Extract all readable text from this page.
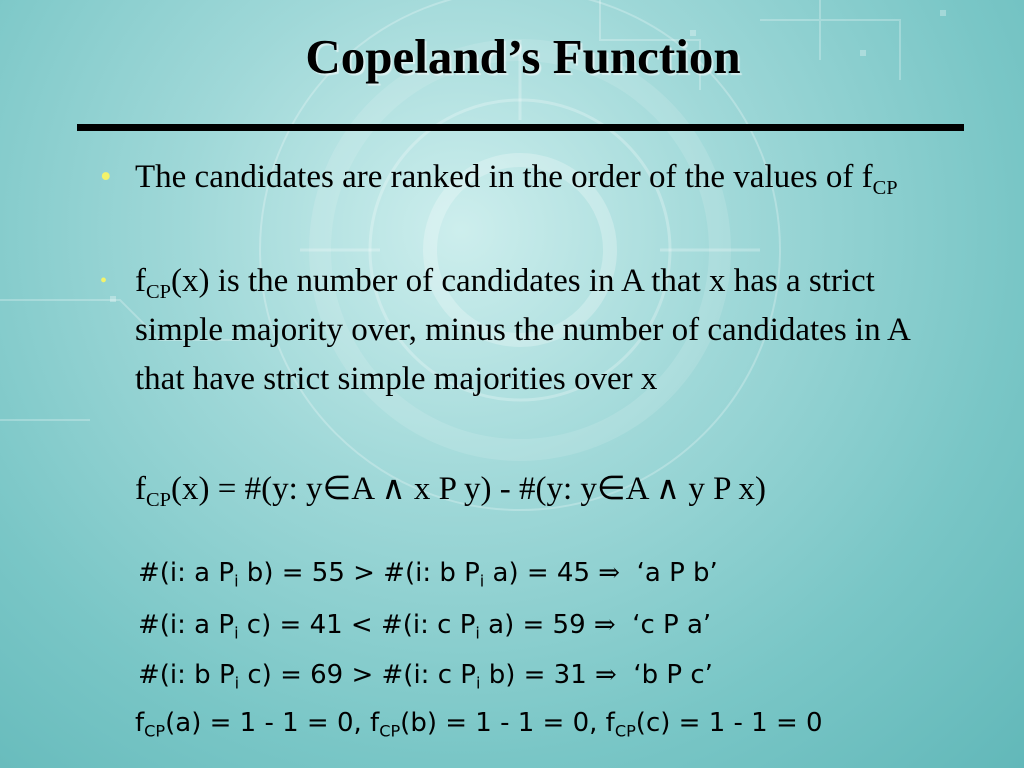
Copeland’s Function
• The candidates are ranked in the order of the values of $f_{CP}$
• $f_{CP}(x)$ is the number of candidates in A that x has a strict simple majority over, minus the number of candidates in A that have strict simple majorities over x
$f_{CP}(x)$ = #(y: y∈A ∧ x P y) - #(y: y∈A ∧ y P x)
#(i: a $P_i$ b) = 55 > #(i: b $P_i$ a) = 45 ⇒ ‘a P b’
#(i: a $P_i$ c) = 41 < #(i: c $P_i$ a) = 59 ⇒ ‘c P a’
#(i: b $P_i$ c) = 69 > #(i: c $P_i$ b) = 31 ⇒ ‘b P c’
$f_{CP}(a) = 1 - 1 = 0$, $f_{CP}(b) = 1 - 1 = 0$, $f_{CP}(c) = 1 - 1 = 0$
